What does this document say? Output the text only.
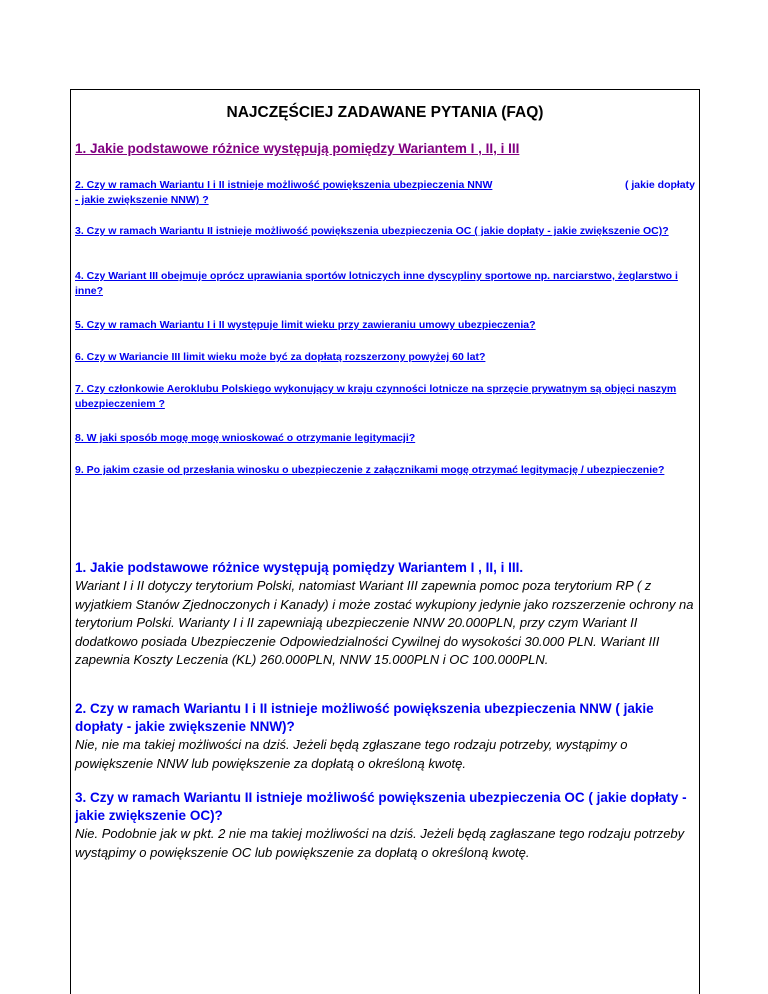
NAJCZĘŚCIEJ ZADAWANE PYTANIA (FAQ)
1. Jakie podstawowe różnice występują pomiędzy Wariantem I , II, i III
2. Czy w ramach Wariantu I i II istnieje możliwość powiększenia ubezpieczenia NNW	( jakie dopłaty

- jakie zwiększenie NNW) ?
3. Czy w ramach Wariantu II istnieje możliwość powiększenia ubezpieczenia OC ( jakie dopłaty - jakie zwiększenie OC)?
4. Czy Wariant III obejmuje oprócz uprawiania sportów lotniczych inne dyscypliny sportowe np. narciarstwo, żeglarstwo i inne?
5. Czy w ramach Wariantu I i II występuje limit wieku przy zawieraniu umowy ubezpieczenia?
6. Czy w Wariancie III limit wieku może być za dopłatą rozszerzony powyżej 60 lat?
7. Czy członkowie Aeroklubu Polskiego wykonujący w kraju czynności lotnicze na sprzęcie prywatnym są objęci naszym ubezpieczeniem ?
8. W jaki sposób mogę mogę wnioskować o otrzymanie legitymacji?
9. Po jakim czasie od przesłania winosku o ubezpieczenie z załącznikami mogę otrzymać legitymację / ubezpieczenie?
1. Jakie podstawowe różnice występują pomiędzy Wariantem I , II, i III.
Wariant I i II dotyczy terytorium Polski, natomiast Wariant III zapewnia pomoc poza terytorium RP ( z wyjatkiem Stanów Zjednoczonych i Kanady) i może zostać wykupiony jedynie jako rozszerzenie ochrony na terytorium Polski. Warianty I i II zapewniają ubezpieczenie NNW 20.000PLN, przy czym Wariant II dodatkowo posiada Ubezpieczenie Odpowiedzialności Cywilnej do wysokości 30.000 PLN. Wariant III zapewnia Koszty Leczenia (KL) 260.000PLN, NNW 15.000PLN i OC 100.000PLN.
2. Czy w ramach Wariantu I i II istnieje możliwość powiększenia ubezpieczenia NNW ( jakie dopłaty - jakie zwiększenie NNW)?
Nie, nie ma takiej możliwości na dziś. Jeżeli będą zgłaszane tego rodzaju potrzeby, wystąpimy o powiększenie NNW lub powiększenie za dopłatą o określoną kwotę.
3. Czy w ramach Wariantu II istnieje możliwość powiększenia ubezpieczenia OC ( jakie dopłaty - jakie zwiększenie OC)?
Nie. Podobnie jak w pkt. 2 nie ma takiej możliwości na dziś. Jeżeli będą zagłaszane tego rodzaju potrzeby wystąpimy o powiększenie OC lub powiększenie za dopłatą o określoną kwotę.
